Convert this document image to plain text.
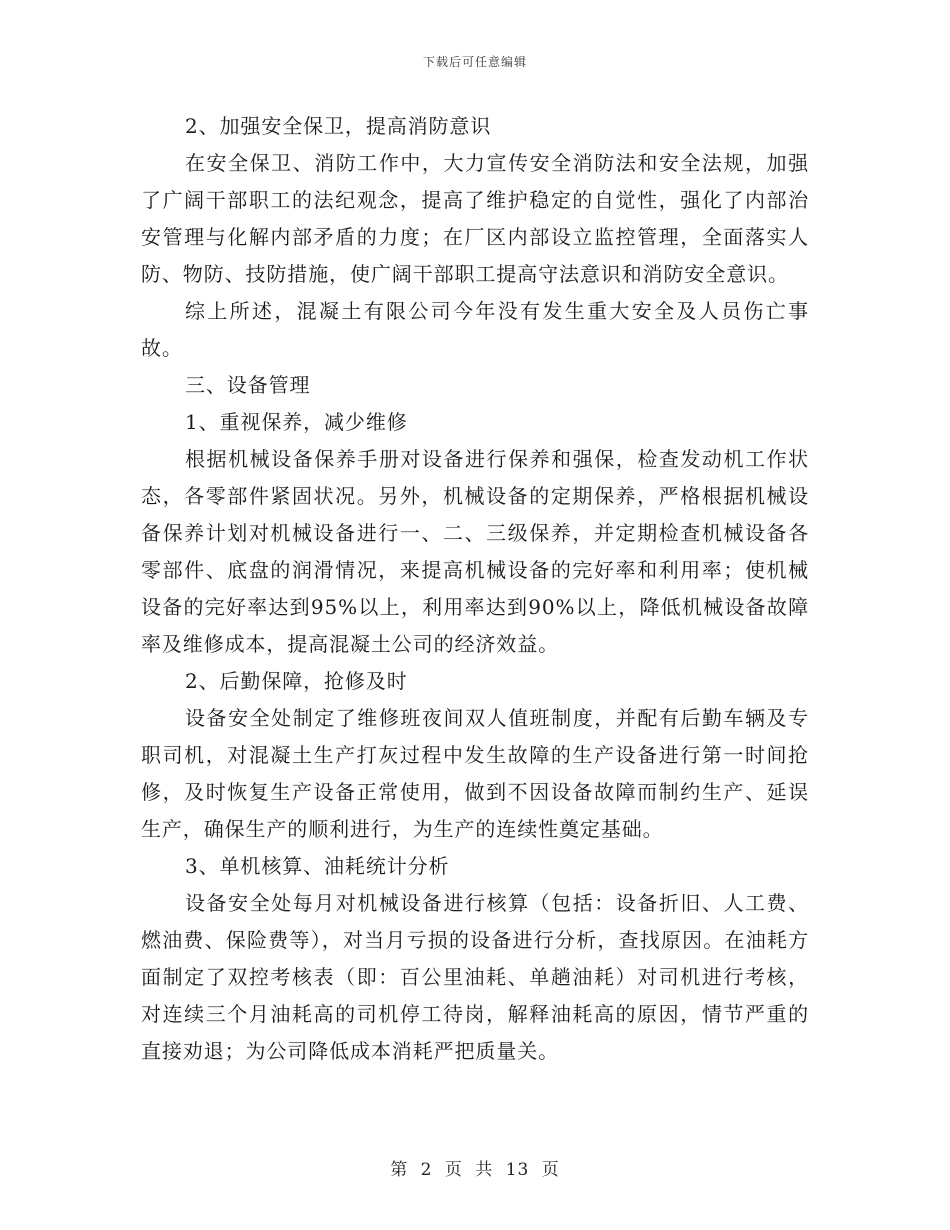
下载后可任意编辑

2、加强安全保卫，提高消防意识

在安全保卫、消防工作中，大力宣传安全消防法和安全法规，加强了广阔干部职工的法纪观念，提高了维护稳定的自觉性，强化了内部治安管理与化解内部矛盾的力度；在厂区内部设立监控管理，全面落实人防、物防、技防措施，使广阔干部职工提高守法意识和消防安全意识。

综上所述，混凝土有限公司今年没有发生重大安全及人员伤亡事故。

三、设备管理

1、重视保养，减少维修

根据机械设备保养手册对设备进行保养和强保，检查发动机工作状态，各零部件紧固状况。另外，机械设备的定期保养，严格根据机械设备保养计划对机械设备进行一、二、三级保养，并定期检查机械设备各零部件、底盘的润滑情况，来提高机械设备的完好率和利用率；使机械设备的完好率达到95%以上，利用率达到90%以上，降低机械设备故障率及维修成本，提高混凝土公司的经济效益。

2、后勤保障，抢修及时

设备安全处制定了维修班夜间双人值班制度，并配有后勤车辆及专职司机，对混凝土生产打灰过程中发生故障的生产设备进行第一时间抢修，及时恢复生产设备正常使用，做到不因设备故障而制约生产、延误生产，确保生产的顺利进行，为生产的连续性奠定基础。

3、单机核算、油耗统计分析

设备安全处每月对机械设备进行核算（包括：设备折旧、人工费、燃油费、保险费等），对当月亏损的设备进行分析，查找原因。在油耗方面制定了双控考核表（即：百公里油耗、单趟油耗）对司机进行考核，对连续三个月油耗高的司机停工待岗，解释油耗高的原因，情节严重的直接劝退；为公司降低成本消耗严把质量关。

第 2 页 共 13 页
